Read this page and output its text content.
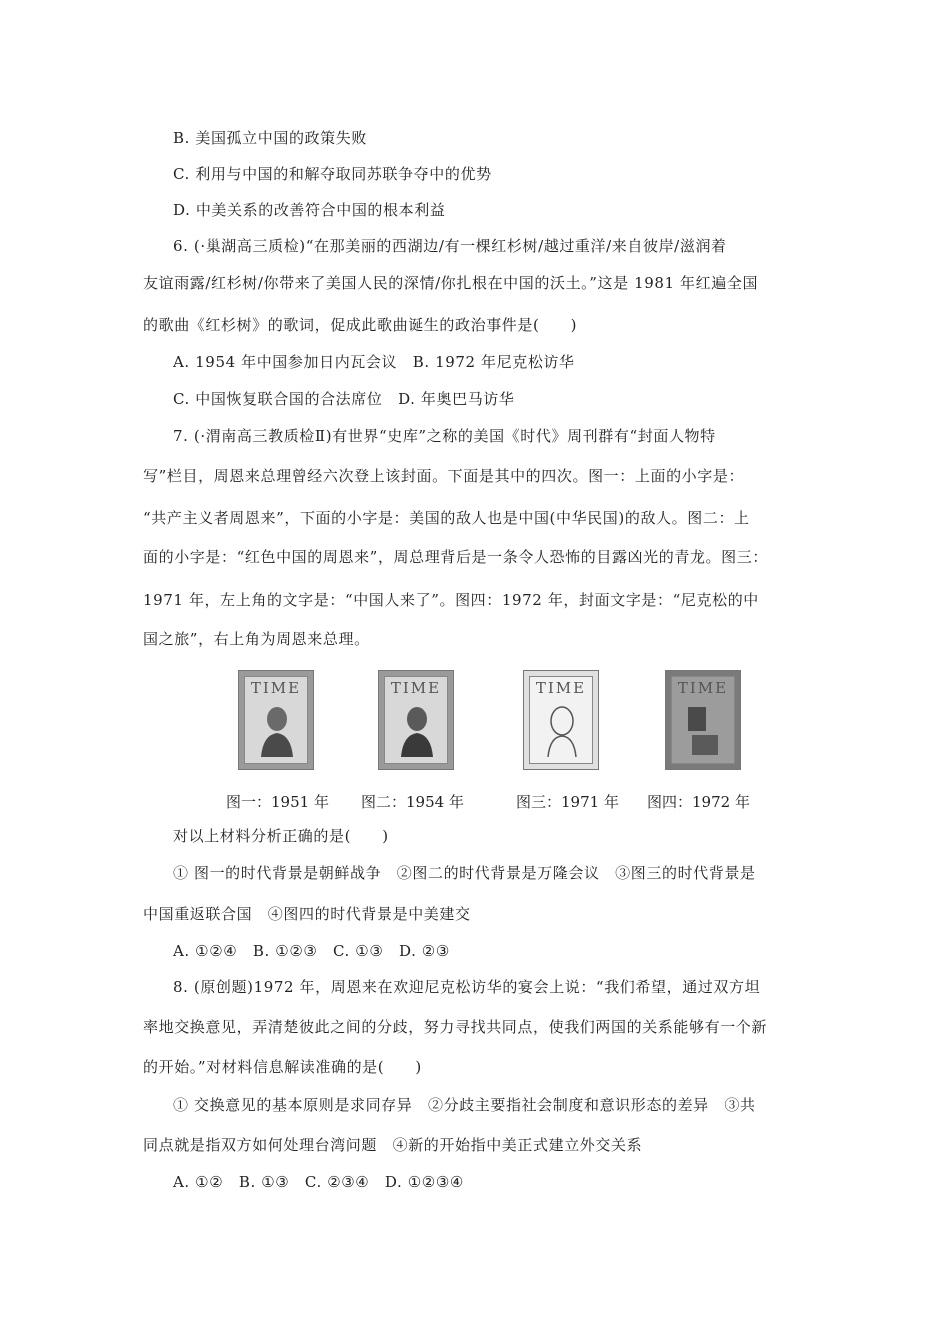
B. 美国孤立中国的政策失败
C. 利用与中国的和解夺取同苏联争夺中的优势
D. 中美关系的改善符合中国的根本利益
6. (·巢湖高三质检)“在那美丽的西湖边/有一棵红杉树/越过重洋/来自彼岸/滋润着
友谊雨露/红杉树/你带来了美国人民的深情/你扎根在中国的沃土。”这是 1981 年红遍全国
的歌曲《红杉树》的歌词，促成此歌曲诞生的政治事件是(　　)
A. 1954 年中国参加日内瓦会议　B. 1972 年尼克松访华
C. 中国恢复联合国的合法席位　D. 年奥巴马访华
7. (·渭南高三教质检Ⅱ)有世界“史库”之称的美国《时代》周刊群有“封面人物特
写”栏目，周恩来总理曾经六次登上该封面。下面是其中的四次。图一：上面的小字是：
“共产主义者周恩来”，下面的小字是：美国的敌人也是中国(中华民国)的敌人。图二：上
面的小字是：“红色中国的周恩来”，周总理背后是一条令人恐怖的目露凶光的青龙。图三：
1971 年，左上角的文字是：“中国人来了”。图四：1972 年，封面文字是：“尼克松的中
国之旅”，右上角为周恩来总理。
TIME	TIME	TIME	TIME
图一：1951 年 图二：1954 年	图三：1971 年 图四：1972 年
对以上材料分析正确的是(　　)
① 图一的时代背景是朝鲜战争　②图二的时代背景是万隆会议　③图三的时代背景是
中国重返联合国　④图四的时代背景是中美建交
A. ①②④　B. ①②③　C. ①③　D. ②③
8. (原创题)1972 年，周恩来在欢迎尼克松访华的宴会上说：“我们希望，通过双方坦
率地交换意见，弄清楚彼此之间的分歧，努力寻找共同点，使我们两国的关系能够有一个新
的开始。”对材料信息解读准确的是(　　)
① 交换意见的基本原则是求同存异　②分歧主要指社会制度和意识形态的差异　③共
同点就是指双方如何处理台湾问题　④新的开始指中美正式建立外交关系
A. ①②　B. ①③　C. ②③④　D. ①②③④
